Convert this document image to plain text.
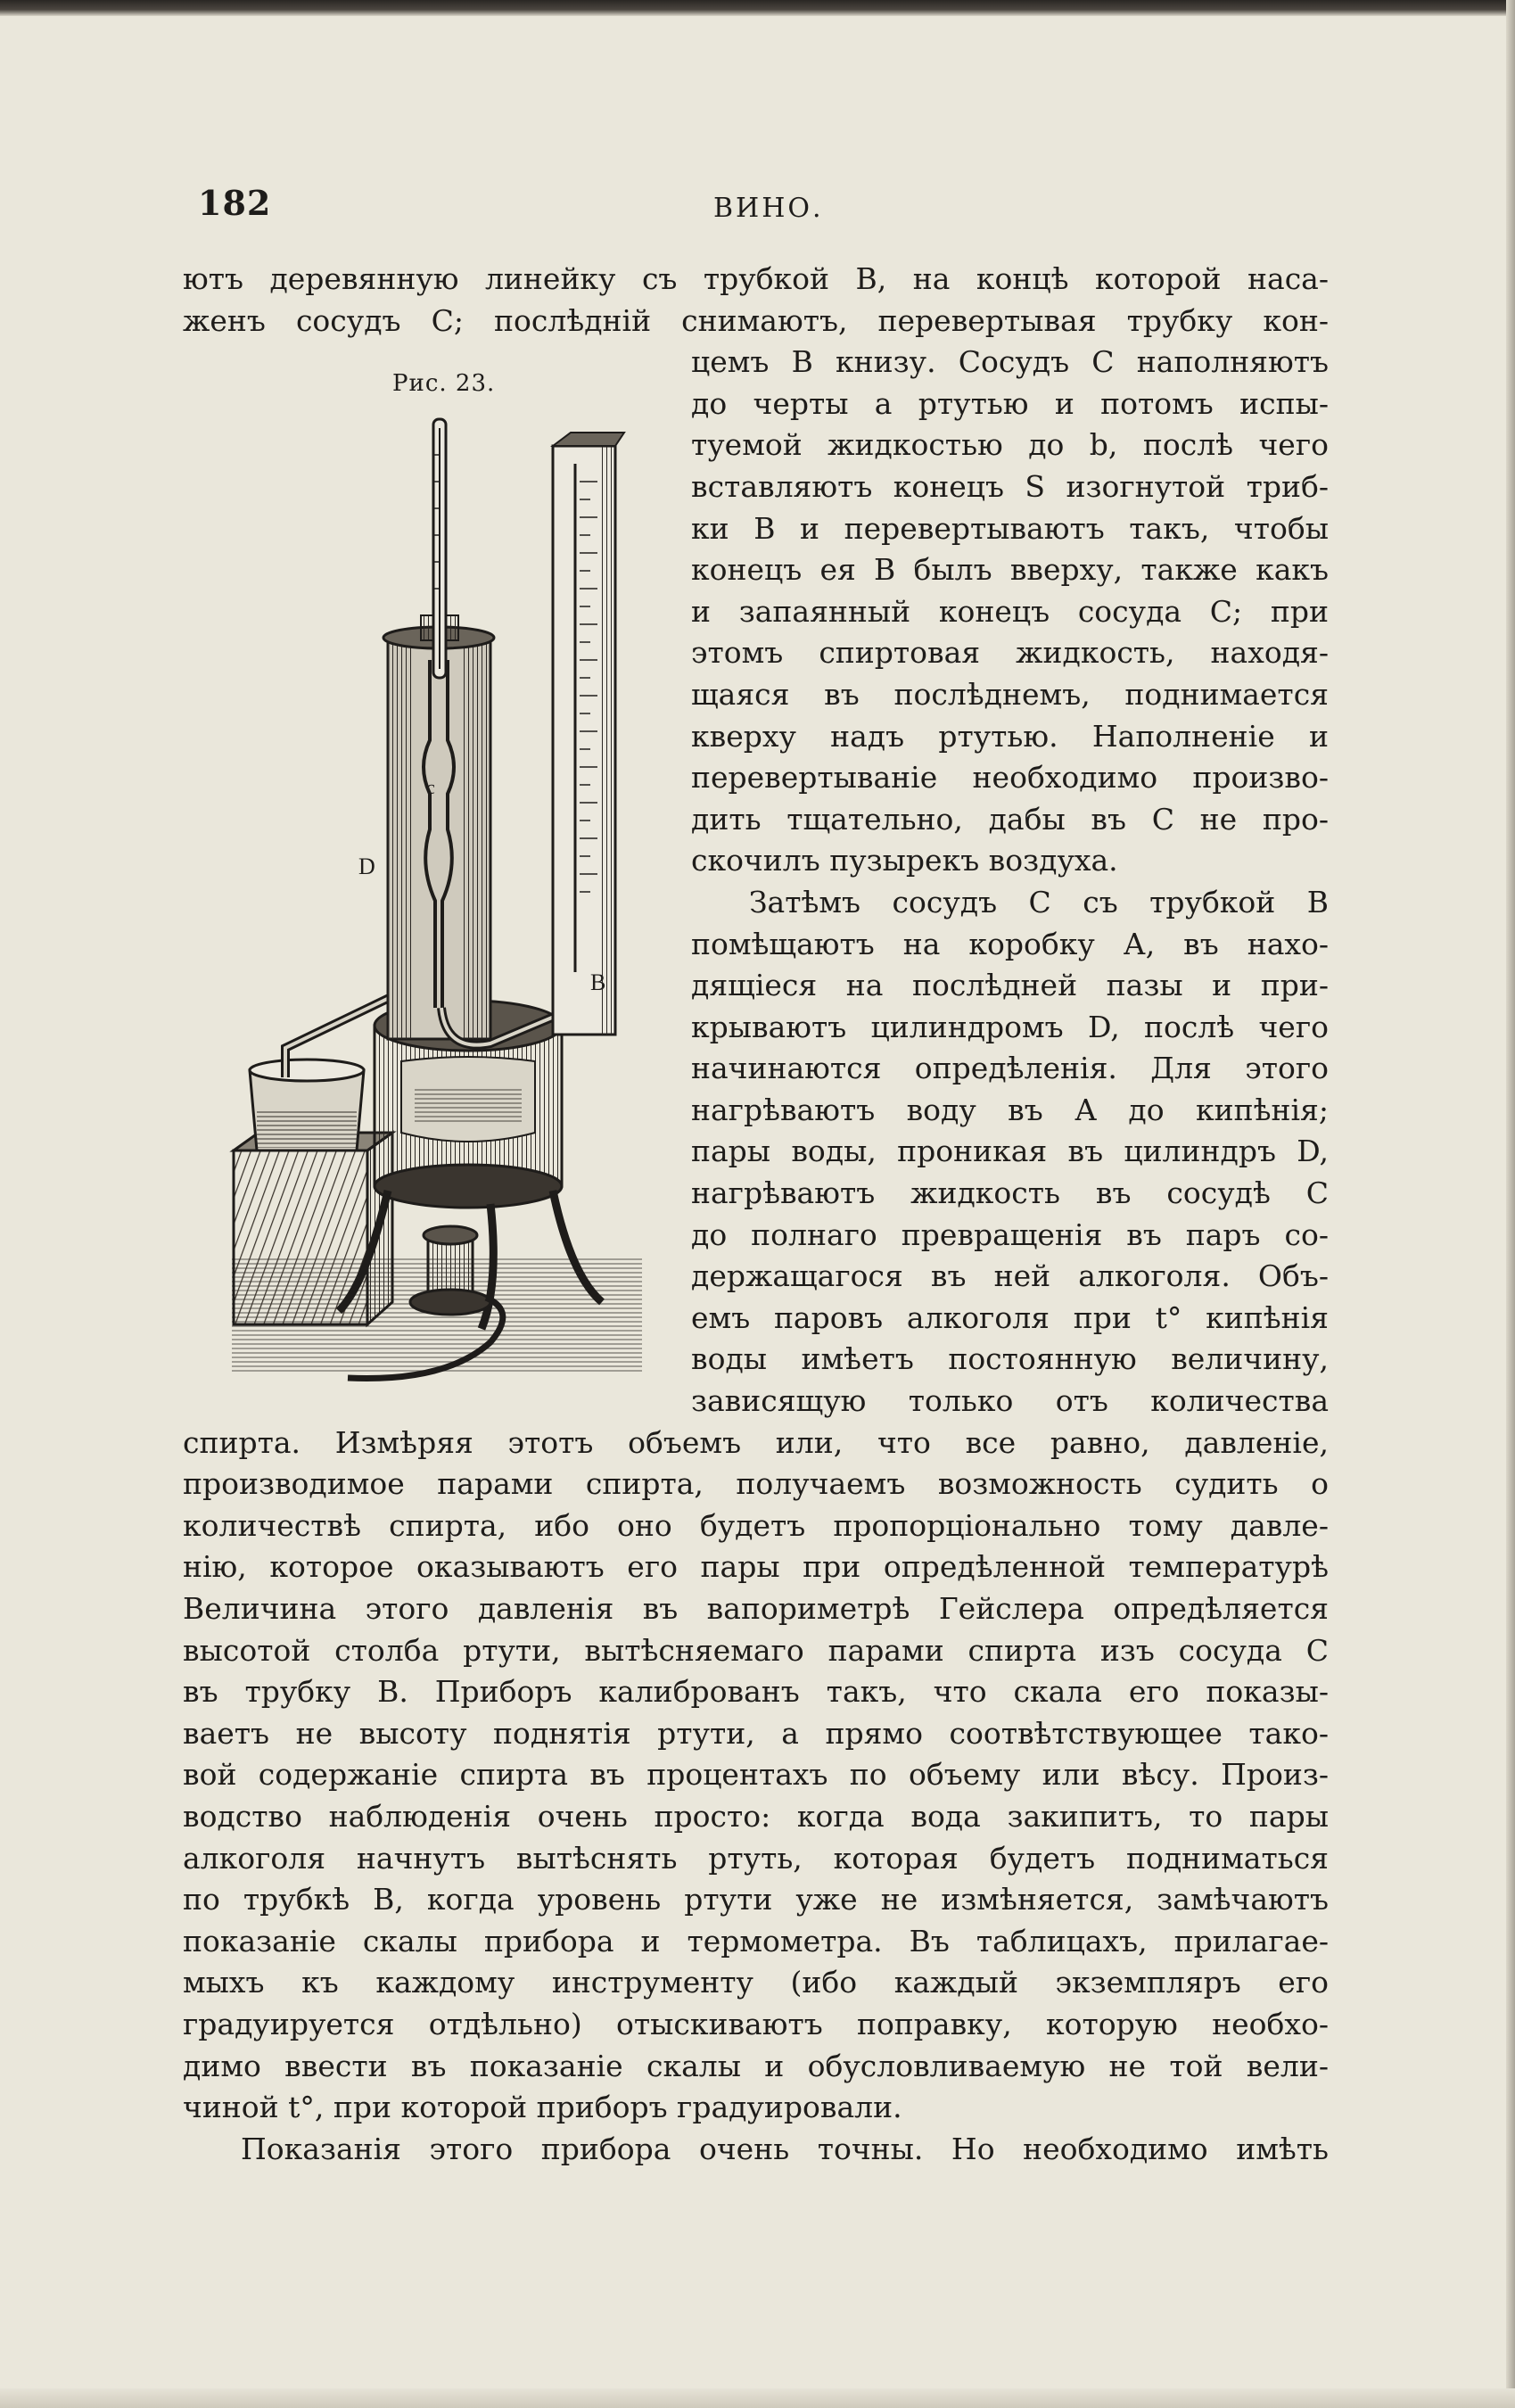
182	ВИНО.
Рис. 23.
c
D
B
ютъ деревянную линейку съ трубкой В, на концѣ которой наса-
женъ сосудъ С; послѣдній снимаютъ, перевертывая трубку кон-
цемъ В книзу. Сосудъ С наполняютъ
до черты a ртутью и потомъ испы-
туемой жидкостью до b, послѣ чего
вставляютъ конецъ S изогнутой триб-
ки В и перевертываютъ такъ, чтобы
конецъ ея В былъ вверху, также какъ
и запаянный конецъ сосуда С; при
этомъ спиртовая жидкость, находя-
щаяся въ послѣднемъ, поднимается
кверху надъ ртутью. Наполненіе и
перевертываніе необходимо произво-
дить тщательно, дабы въ С не про-
скочилъ пузырекъ воздуха.
Затѣмъ сосудъ С съ трубкой В
помѣщаютъ на коробку А, въ нахо-
дящіеся на послѣдней пазы и при-
крываютъ цилиндромъ D, послѣ чего
начинаются опредѣленія. Для этого
нагрѣваютъ воду въ А до кипѣнія;
пары воды, проникая въ цилиндръ D,
нагрѣваютъ жидкость въ сосудѣ С
до полнаго превращенія въ паръ со-
держащагося въ ней алкоголя. Объ-
емъ паровъ алкоголя при t° кипѣнія
воды имѣетъ постоянную величину,
зависящую только отъ количества
спирта. Измѣряя этотъ объемъ или, что все равно, давленіе,
производимое парами спирта, получаемъ возможность судить о
количествѣ спирта, ибо оно будетъ пропорціонально тому давле-
нію, которое оказываютъ его пары при опредѣленной температурѣ
Величина этого давленія въ вапориметрѣ Гейслера опредѣляется
высотой столба ртути, вытѣсняемаго парами спирта изъ сосуда С
въ трубку В. Приборъ калиброванъ такъ, что скала его показы-
ваетъ не высоту поднятія ртути, а прямо соотвѣтствующее тако-
вой содержаніе спирта въ процентахъ по объему или вѣсу. Произ-
водство наблюденія очень просто: когда вода закипитъ, то пары
алкоголя начнутъ вытѣснять ртуть, которая будетъ подниматься
по трубкѣ В, когда уровень ртути уже не измѣняется, замѣчаютъ
показаніе скалы прибора и термометра. Въ таблицахъ, прилагае-
мыхъ къ каждому инструменту (ибо каждый экземпляръ его
градуируется отдѣльно) отыскиваютъ поправку, которую необхо-
димо ввести въ показаніе скалы и обусловливаемую не той вели-
чиной t°, при которой приборъ градуировали.
Показанія этого прибора очень точны. Но необходимо имѣть
